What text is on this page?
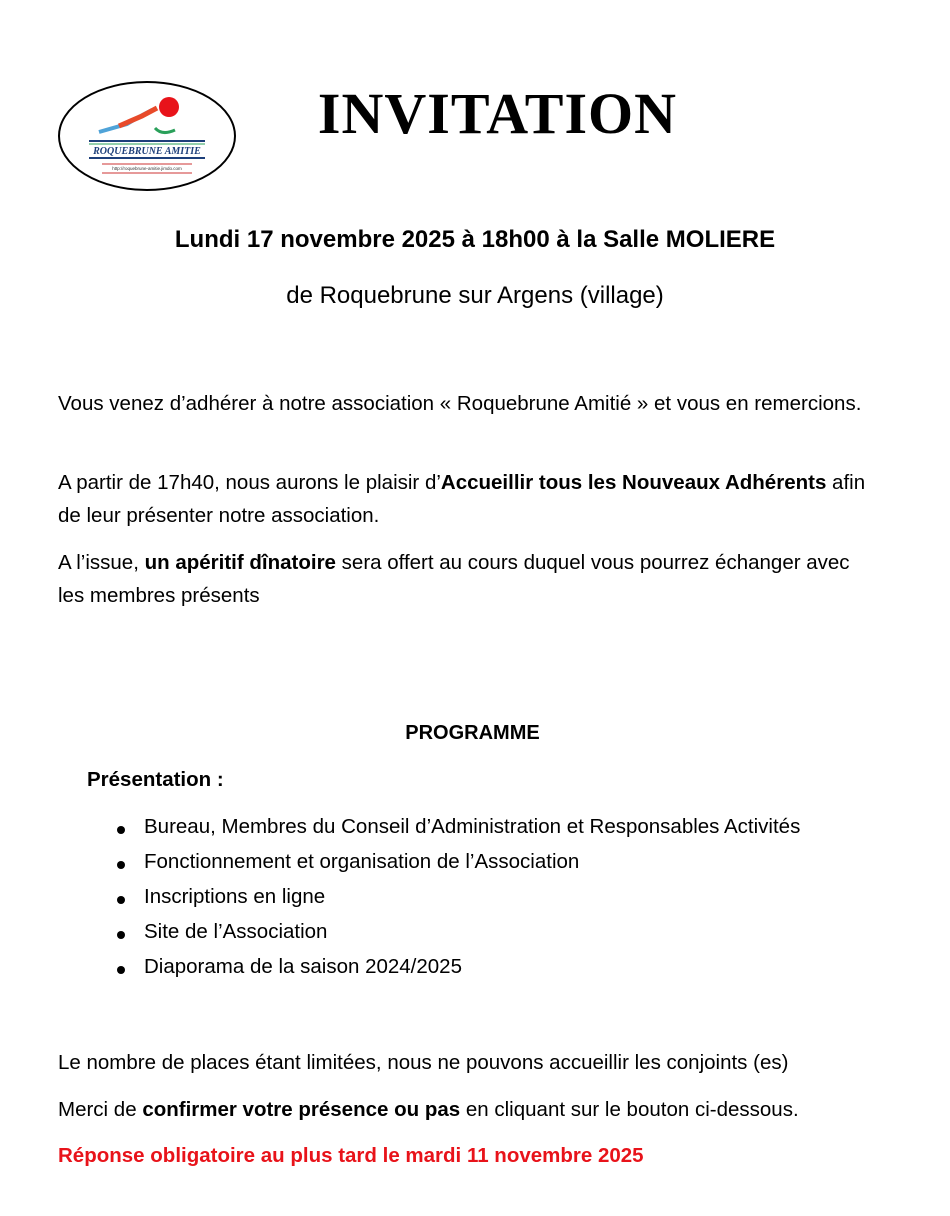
ROQUEBRUNE AMITIE
http://roquebrune-amitie.jimdo.com
INVITATION
Lundi 17 novembre 2025 à 18h00 à la Salle MOLIERE
de Roquebrune sur Argens (village)
Vous venez d’adhérer à notre association « Roquebrune Amitié » et vous en remercions.
A partir de 17h40, nous aurons le plaisir d’Accueillir tous les Nouveaux Adhérents afin de leur présenter notre association.
A l’issue, un apéritif dînatoire sera offert au cours duquel vous pourrez échanger avec les membres présents
PROGRAMME
Présentation :
Bureau, Membres du Conseil d’Administration et Responsables Activités
Fonctionnement et organisation de l’Association
Inscriptions en ligne
Site de l’Association
Diaporama de la saison 2024/2025
Le nombre de places étant limitées, nous ne pouvons accueillir les conjoints (es)
Merci de confirmer votre présence ou pas en cliquant sur le bouton ci-dessous.
Réponse obligatoire au plus tard le mardi 11 novembre 2025
